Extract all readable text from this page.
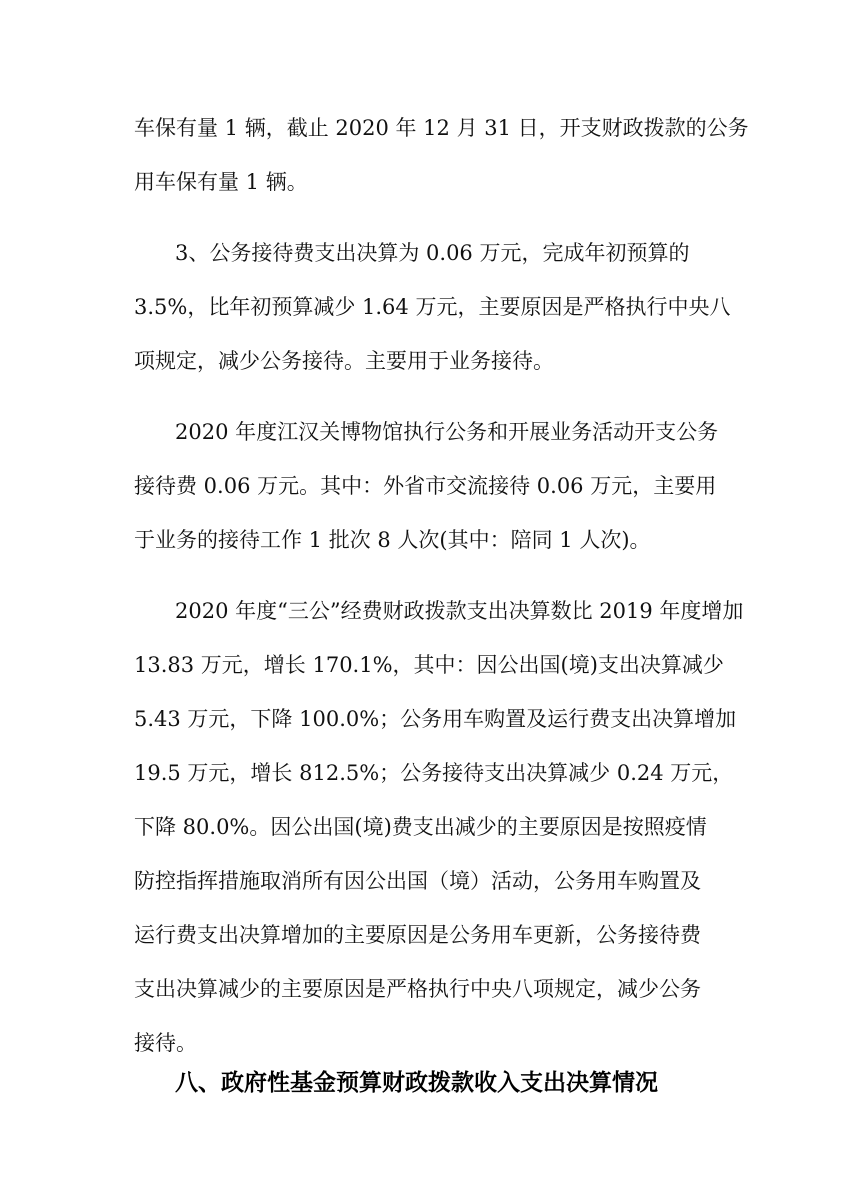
车保有量 1 辆，截止 2020 年 12 月 31 日，开支财政拨款的公务
用车保有量 1 辆。
3、公务接待费支出决算为 0.06 万元，完成年初预算的
3.5%，比年初预算减少 1.64 万元，主要原因是严格执行中央八
项规定，减少公务接待。主要用于业务接待。
2020 年度江汉关博物馆执行公务和开展业务活动开支公务
接待费 0.06 万元。其中：外省市交流接待 0.06 万元，主要用
于业务的接待工作 1 批次 8 人次(其中：陪同 1 人次)。
2020 年度“三公”经费财政拨款支出决算数比 2019 年度增加
13.83 万元，增长 170.1%，其中：因公出国(境)支出决算减少
5.43 万元，下降 100.0%；公务用车购置及运行费支出决算增加
19.5 万元，增长 812.5%；公务接待支出决算减少 0.24 万元，
下降 80.0%。因公出国(境)费支出减少的主要原因是按照疫情
防控指挥措施取消所有因公出国（境）活动，公务用车购置及
运行费支出决算增加的主要原因是公务用车更新，公务接待费
支出决算减少的主要原因是严格执行中央八项规定，减少公务
接待。
八、政府性基金预算财政拨款收入支出决算情况
